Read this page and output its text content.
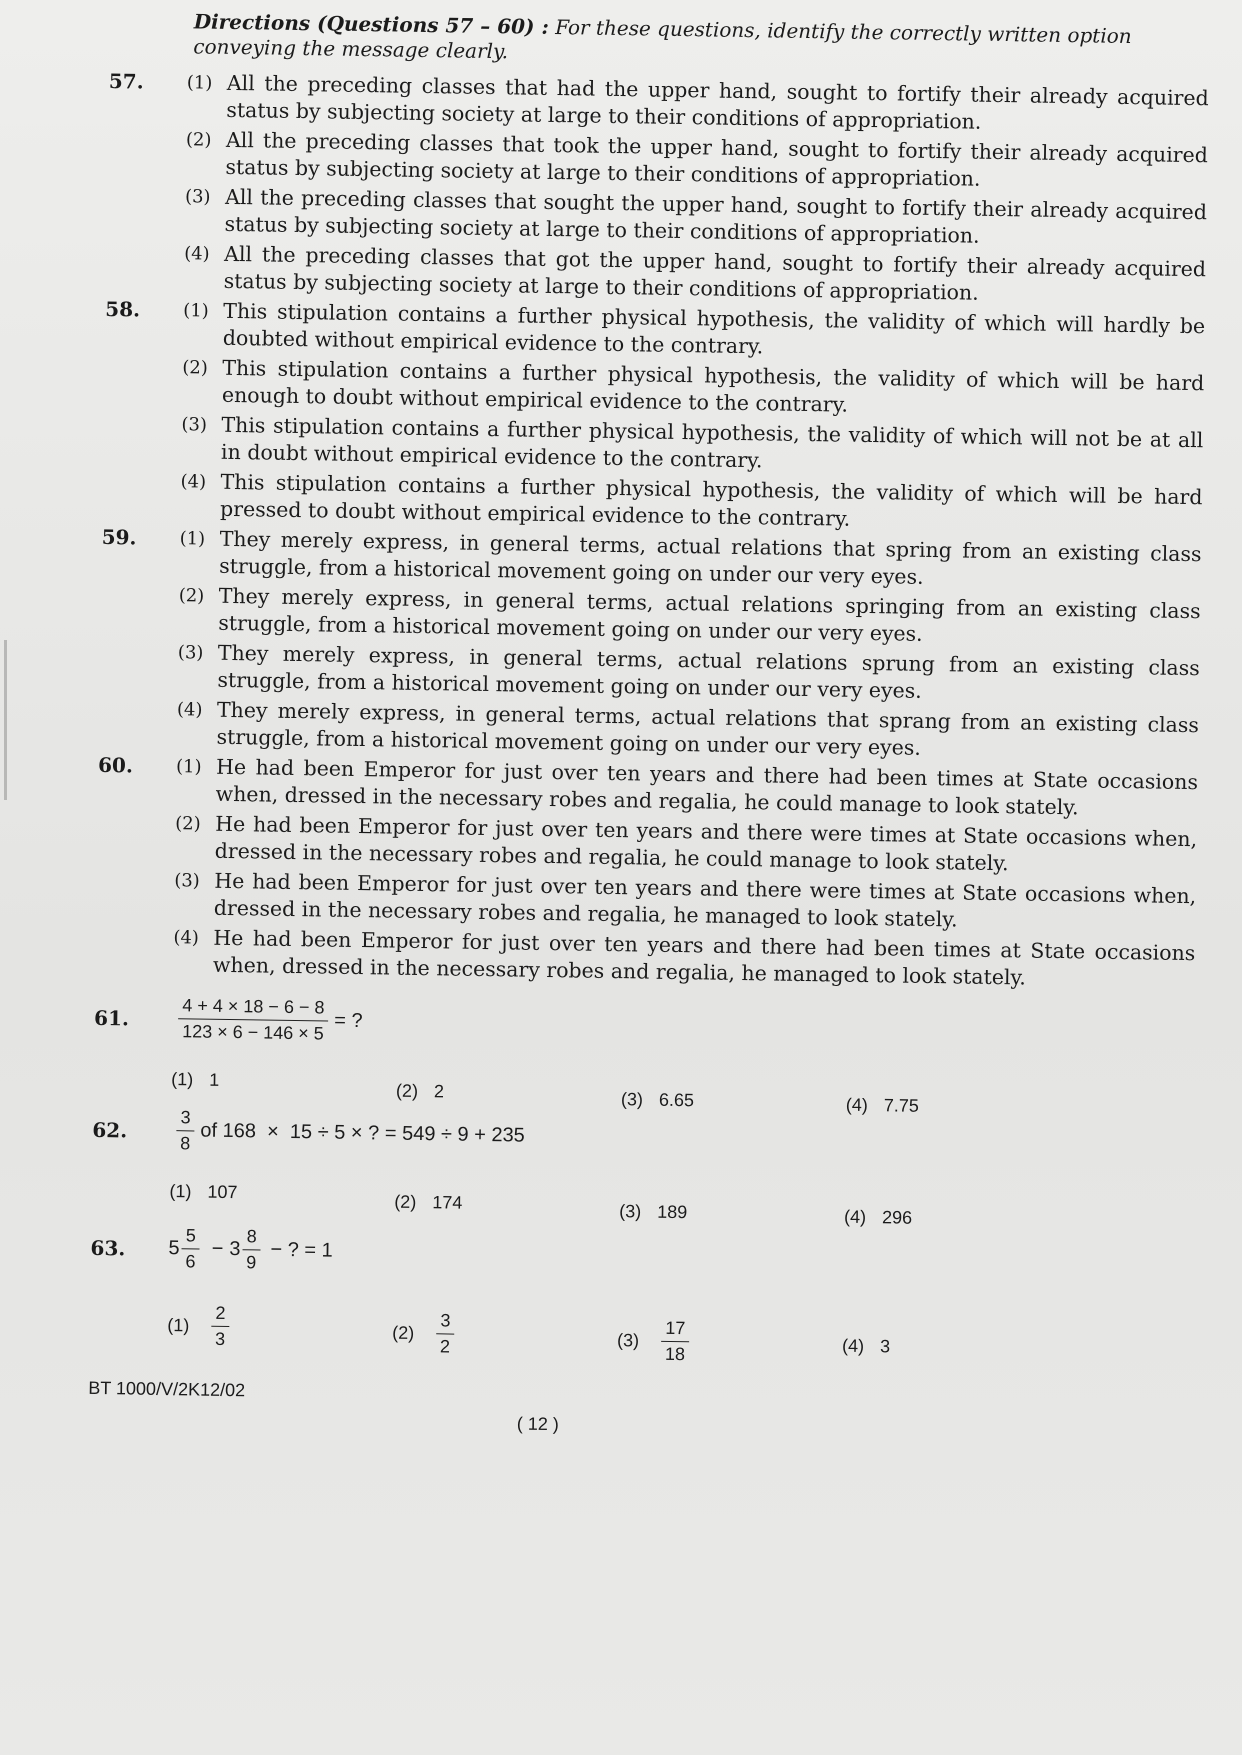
Directions (Questions 57 – 60) : For these questions, identify the correctly written option conveying the message clearly.

57.	(1) All the preceding classes that had the upper hand, sought to fortify their already acquired status by subjecting society at large to their conditions of appropriation.
(2) All the preceding classes that took the upper hand, sought to fortify their already acquired status by subjecting society at large to their conditions of appropriation.
(3) All the preceding classes that sought the upper hand, sought to fortify their already acquired status by subjecting society at large to their conditions of appropriation.
(4) All the preceding classes that got the upper hand, sought to fortify their already acquired status by subjecting society at large to their conditions of appropriation.
58.	(1) This stipulation contains a further physical hypothesis, the validity of which will hardly be doubted without empirical evidence to the contrary.
(2) This stipulation contains a further physical hypothesis, the validity of which will be hard enough to doubt without empirical evidence to the contrary.
(3) This stipulation contains a further physical hypothesis, the validity of which will not be at all in doubt without empirical evidence to the contrary.
(4) This stipulation contains a further physical hypothesis, the validity of which will be hard pressed to doubt without empirical evidence to the contrary.
59.	(1) They merely express, in general terms, actual relations that spring from an existing class struggle, from a historical movement going on under our very eyes.
(2) They merely express, in general terms, actual relations springing from an existing class struggle, from a historical movement going on under our very eyes.
(3) They merely express, in general terms, actual relations sprung from an existing class struggle, from a historical movement going on under our very eyes.
(4) They merely express, in general terms, actual relations that sprang from an existing class struggle, from a historical movement going on under our very eyes.
60.	(1) He had been Emperor for just over ten years and there had been times at State occasions when, dressed in the necessary robes and regalia, he could manage to look stately.
(2) He had been Emperor for just over ten years and there were times at State occasions when, dressed in the necessary robes and regalia, he could manage to look stately.
(3) He had been Emperor for just over ten years and there were times at State occasions when, dressed in the necessary robes and regalia, he managed to look stately.
(4) He had been Emperor for just over ten years and there had been times at State occasions when, dressed in the necessary robes and regalia, he managed to look stately.
61.	$\frac{4 + 4 \times 18 - 6 - 8}{123 \times 6 - 146 \times 5}$ = ?
(1) 1
(2) 2	(3) 6.65	(4) 7.75
62.	$\frac{3}{8}$ of 168  ×  15 ÷ 5 × ? = 549 ÷ 9 + 235
(1) 107	(2) 174	(3) 189	(4) 296
63.	$5 \frac{5}{6} - 3 \frac{8}{9}$ − ? = 1
(1)	$\frac{2}{3}$	(2)	$\frac{3}{2}$	(3)	$\frac{17}{18}$	(4) 3
BT 1000/V/2K12/02
( 12 )
